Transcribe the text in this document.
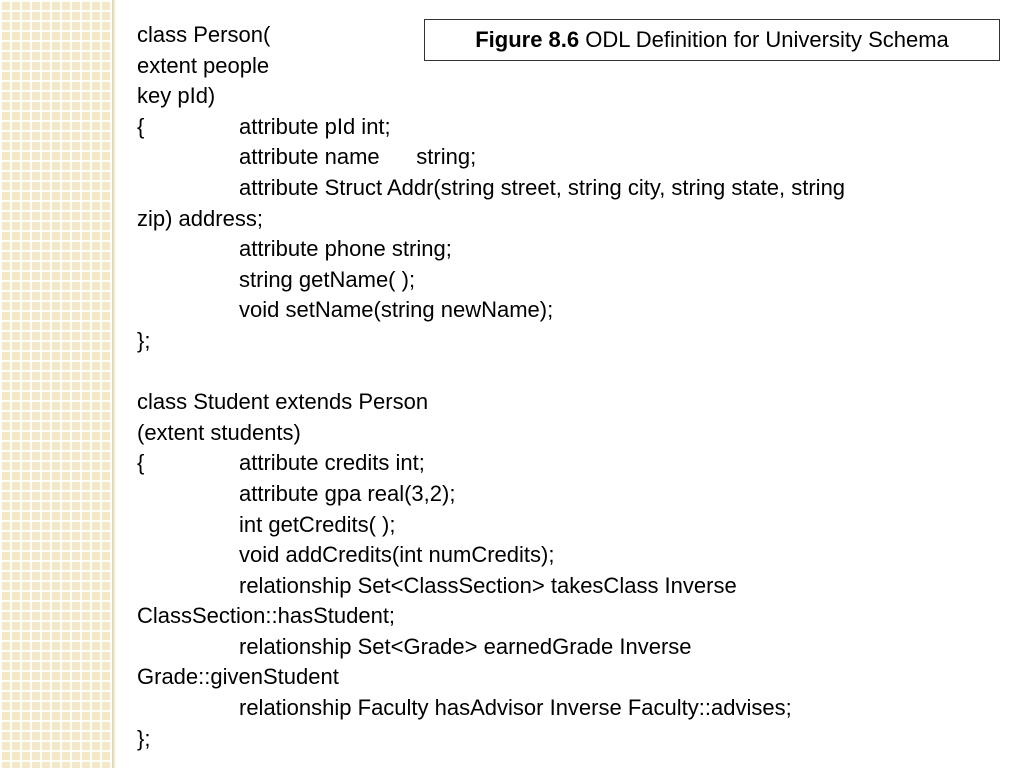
class Person(
extent people
key pId)
{	attribute pId int;
attribute name      string;
attribute Struct Addr(string street, string city, string state, string
zip) address;
attribute phone string;
string getName( );
void setName(string newName);
};
class Student extends Person
(extent students)
{	attribute credits int;
attribute gpa real(3,2);
int getCredits( );
void addCredits(int numCredits);
relationship Set<ClassSection> takesClass Inverse
ClassSection::hasStudent;
relationship Set<Grade> earnedGrade Inverse
Grade::givenStudent
relationship Faculty hasAdvisor Inverse Faculty::advises;
};
Figure 8.6 ODL Definition for University Schema
